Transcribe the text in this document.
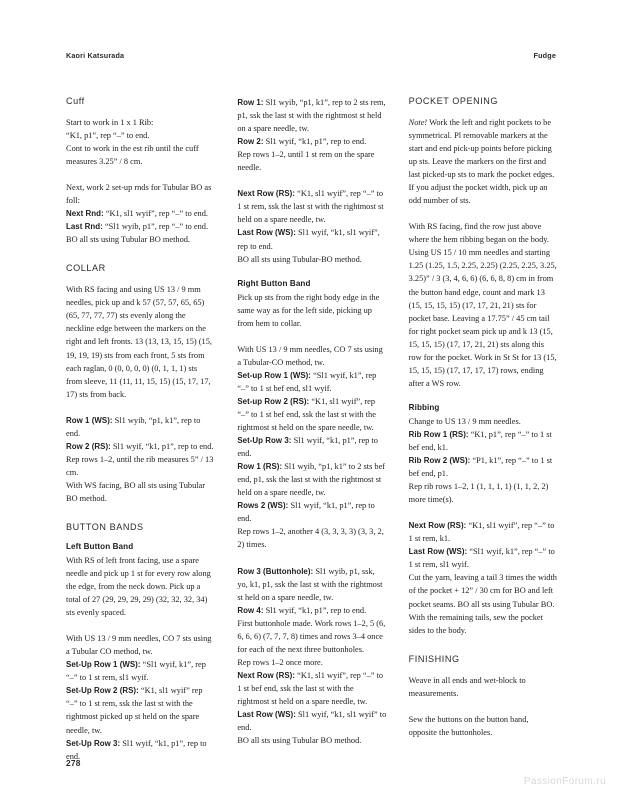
Kaori Katsurada	Fudge
Cuff

Start to work in 1 x 1 Rib:

“K1, p1”, rep “–” to end.

Cont to work in the est rib until the cuff measures 3.25” / 8 cm.

Next, work 2 set-up rnds for Tubular BO as foll:

Next Rnd: “K1, sl1 wyif”, rep “–” to end.

Last Rnd: “Sl1 wyib, p1”, rep “–” to end.

BO all sts using Tubular BO method.

COLLAR

With RS facing and using US 13 / 9 mm needles, pick up and k 57 (57, 57, 65, 65) (65, 77, 77, 77) sts evenly along the neckline edge between the markers on the right and left fronts. 13 (13, 13, 15, 15) (15, 19, 19, 19) sts from each front, 5 sts from each raglan, 0 (0, 0, 0, 0) (0, 1, 1, 1) sts from sleeve, 11 (11, 11, 15, 15) (15, 17, 17, 17) sts from back.

Row 1 (WS): Sl1 wyib, “p1, k1”, rep to end.

Row 2 (RS): Sl1 wyif, “k1, p1”, rep to end.

Rep rows 1–2, until the rib measures 5” / 13 cm.

With WS facing, BO all sts using Tubular BO method.

BUTTON BANDS
Left Button Band

With RS of left front facing, use a spare needle and pick up 1 st for every row along the edge, from the neck down. Pick up a total of 27 (29, 29, 29, 29) (32, 32, 32, 34) sts evenly spaced.

With US 13 / 9 mm needles, CO 7 sts using a Tubular CO method, tw.

Set-Up Row 1 (WS): “Sl1 wyif, k1”, rep “–” to 1 st rem, sl1 wyif.

Set-Up Row 2 (RS): “K1, sl1 wyif” rep “–” to 1 st rem, ssk the last st with the rightmost picked up st held on the spare needle, tw.

Set-Up Row 3: Sl1 wyif, “k1, p1”, rep to end.

Row 1: Sl1 wyib, “p1, k1”, rep to 2 sts rem, p1, ssk the last st with the rightmost st held on a spare needle, tw.

Row 2: Sl1 wyif, “k1, p1”, rep to end.

Rep rows 1–2, until 1 st rem on the spare needle.

Next Row (RS): “K1, sl1 wyif”, rep “–” to 1 st rem, ssk the last st with the rightmost st held on a spare needle, tw.

Last Row (WS): Sl1 wyif, “k1, sl1 wyif”, rep to end.

BO all sts using Tubular-BO method.

Right Button Band

Pick up sts from the right body edge in the same way as for the left side, picking up from hem to collar.

With US 13 / 9 mm needles, CO 7 sts using a Tubular-CO method, tw.

Set-up Row 1 (WS): “Sl1 wyif, k1”, rep “–” to 1 st bef end, sl1 wyif.

Set-up Row 2 (RS): “K1, sl1 wyif”, rep “–” to 1 st bef end, ssk the last st with the rightmost st held on the spare needle, tw.

Set-Up Row 3: Sl1 wyif, “k1, p1”, rep to end.

Row 1 (RS): Sl1 wyib, “p1, k1” to 2 sts bef end, p1, ssk the last st with the rightmost st held on a spare needle, tw.

Rows 2 (WS): Sl1 wyif, “k1, p1”, rep to end.

Rep rows 1–2, another 4 (3, 3, 3, 3) (3, 3, 2, 2) times.

Row 3 (Buttonhole): Sl1 wyib, p1, ssk, yo, k1, p1, ssk the last st with the rightmost st held on a spare needle, tw.

Row 4: Sl1 wyif, “k1, p1”, rep to end.

First buttonhole made. Work rows 1–2, 5 (6, 6, 6, 6) (7, 7, 7, 8) times and rows 3–4 once for each of the next three buttonholes.

Rep rows 1–2 once more.

Next Row (RS): “K1, sl1 wyif”, rep “–” to 1 st bef end, ssk the last st with the rightmost st held on a spare needle, tw.

Last Row (WS): Sl1 wyif, “k1, sl1 wyif” to end.

BO all sts using Tubular BO method.

POCKET OPENING

Note! Work the left and right pockets to be symmetrical. Pl removable markers at the start and end pick-up points before picking up sts. Leave the markers on the first and last picked-up sts to mark the pocket edges. If you adjust the pocket width, pick up an odd number of sts.

With RS facing, find the row just above where the hem ribbing began on the body. Using US 15 / 10 mm needles and starting 1.25 (1.25, 1.5, 2.25, 2.25) (2.25, 2.25, 3.25, 3.25)” / 3 (3, 4, 6, 6) (6, 6, 8, 8) cm in from the button band edge, count and mark 13 (15, 15, 15, 15) (17, 17, 21, 21) sts for pocket base. Leaving a 17.75” / 45 cm tail for right pocket seam pick up and k 13 (15, 15, 15, 15) (17, 17, 21, 21) sts along this row for the pocket. Work in St St for 13 (15, 15, 15, 15) (17, 17, 17, 17) rows, ending after a WS row.

Ribbing

Change to US 13 / 9 mm needles.

Rib Row 1 (RS): “K1, p1”, rep “–” to 1 st bef end, k1.

Rib Row 2 (WS): “P1, k1”, rep “–” to 1 st bef end, p1.

Rep rib rows 1–2, 1 (1, 1, 1, 1) (1, 1, 2, 2) more time(s).

Next Row (RS): “K1, sl1 wyif”, rep “–” to 1 st rem, k1.

Last Row (WS): “Sl1 wyif, k1”, rep “–” to 1 st rem, sl1 wyif.

Cut the yarn, leaving a tail 3 times the width of the pocket + 12” / 30 cm for BO and left pocket seams. BO all sts using Tubular BO.

With the remaining tails, sew the pocket sides to the body.

FINISHING

Weave in all ends and wet-block to measurements.

Sew the buttons on the button band, opposite the buttonholes.

278
PassionForum.ru
